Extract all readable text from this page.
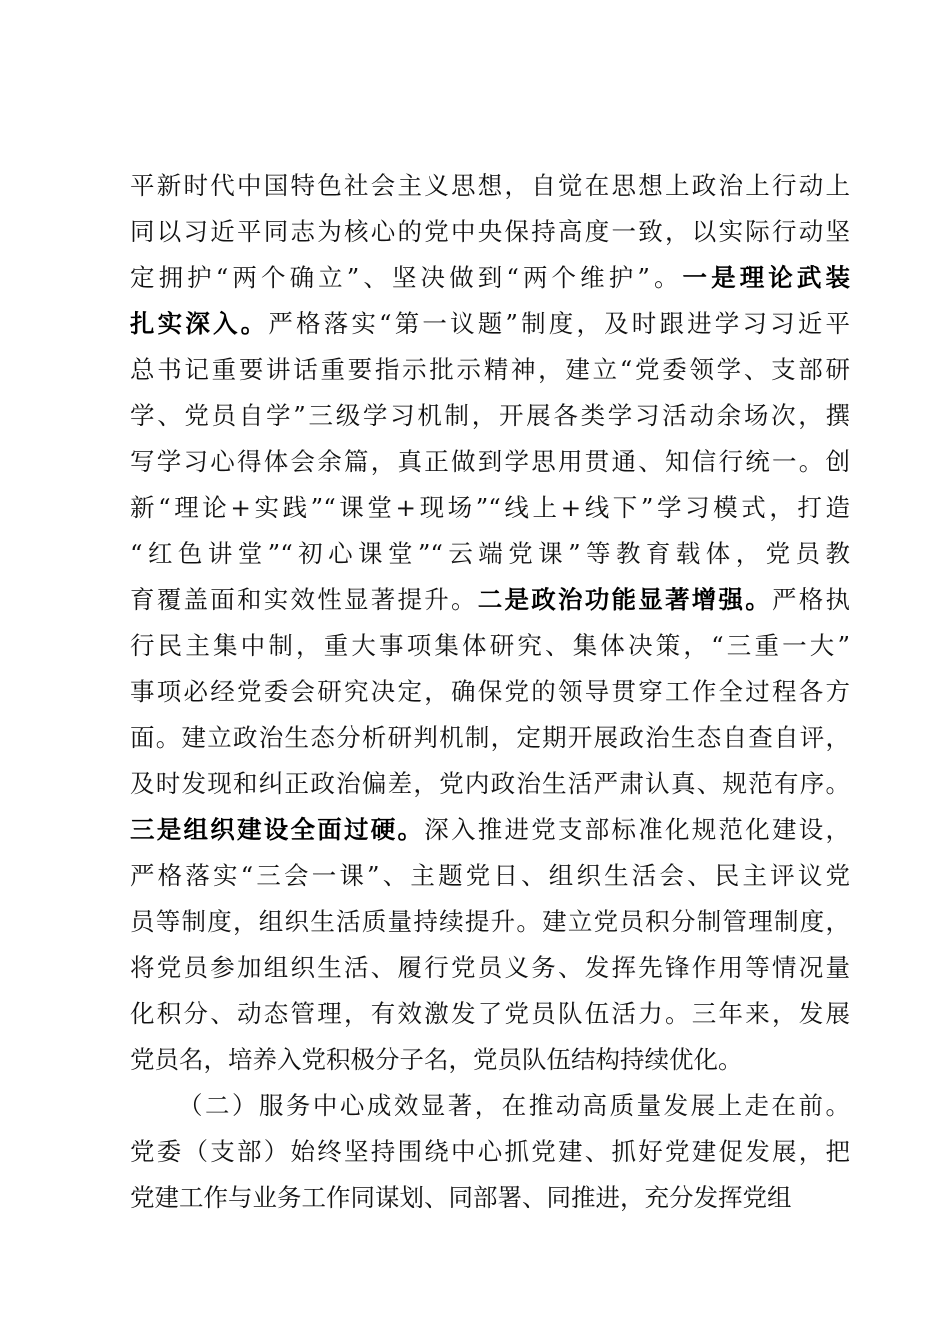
平新时代中国特色社会主义思想，自觉在思想上政治上行动上
同以习近平同志为核心的党中央保持高度一致，以实际行动坚
定拥护“两个确立”、坚决做到“两个维护”。一是理论武装
扎实深入。严格落实“第一议题”制度，及时跟进学习习近平
总书记重要讲话重要指示批示精神，建立“党委领学、支部研
学、党员自学”三级学习机制，开展各类学习活动余场次，撰
写学习心得体会余篇，真正做到学思用贯通、知信行统一。创
新“理论+实践”“课堂+现场”“线上+线下”学习模式，打造
“红色讲堂”“初心课堂”“云端党课”等教育载体，党员教
育覆盖面和实效性显著提升。二是政治功能显著增强。严格执
行民主集中制，重大事项集体研究、集体决策，“三重一大”
事项必经党委会研究决定，确保党的领导贯穿工作全过程各方
面。建立政治生态分析研判机制，定期开展政治生态自查自评，
及时发现和纠正政治偏差，党内政治生活严肃认真、规范有序。
三是组织建设全面过硬。深入推进党支部标准化规范化建设，
严格落实“三会一课”、主题党日、组织生活会、民主评议党
员等制度，组织生活质量持续提升。建立党员积分制管理制度，
将党员参加组织生活、履行党员义务、发挥先锋作用等情况量
化积分、动态管理，有效激发了党员队伍活力。三年来，发展
党员名，培养入党积极分子名，党员队伍结构持续优化。
（二）服务中心成效显著，在推动高质量发展上走在前。
党委（支部）始终坚持围绕中心抓党建、抓好党建促发展，把
党建工作与业务工作同谋划、同部署、同推进，充分发挥党组
